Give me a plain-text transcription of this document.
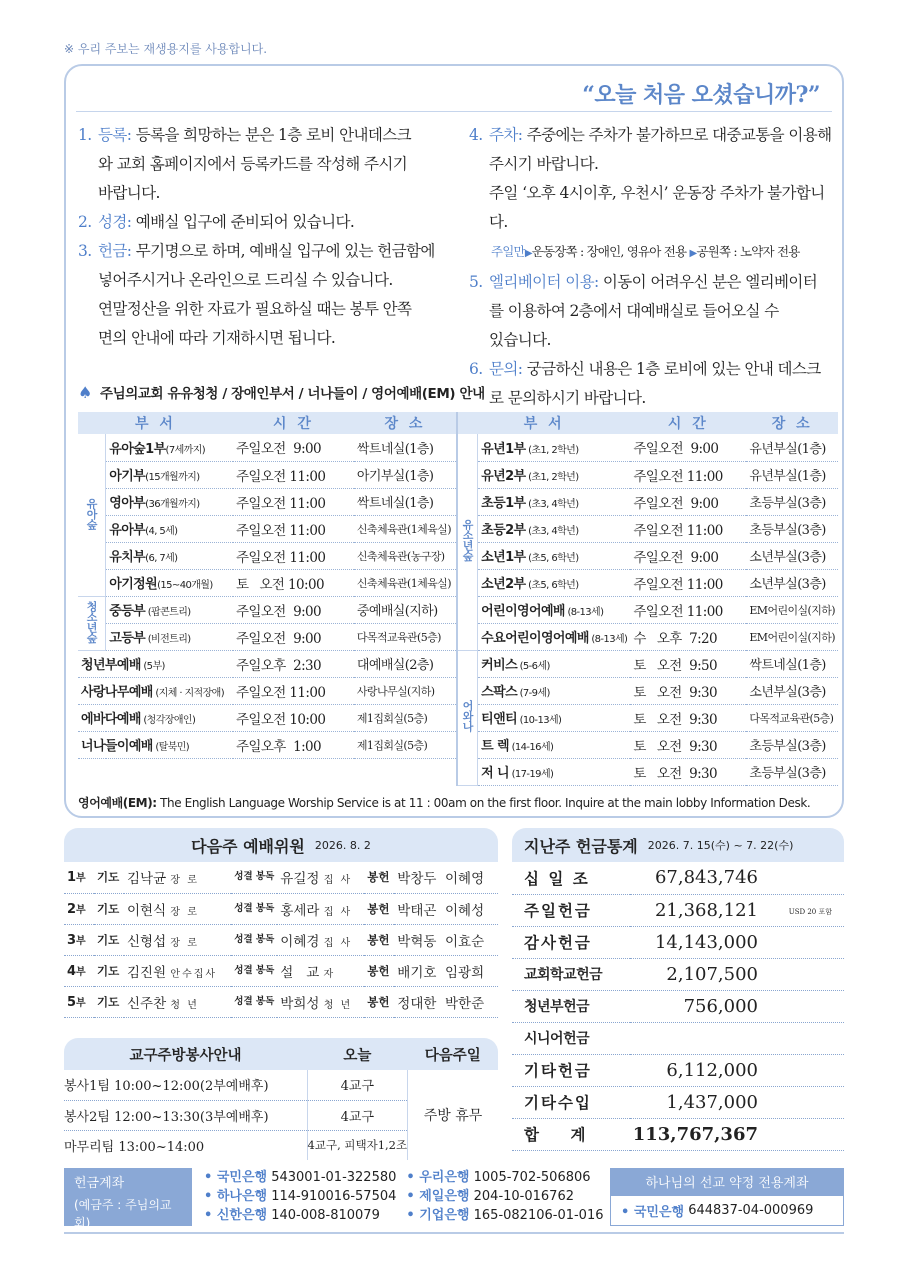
※ 우리 주보는 재생용지를 사용합니다.
“오늘 처음 오셨습니까?”
1. 등록: 등록을 희망하는 분은 1층 로비 안내데스크
와 교회 홈페이지에서 등록카드를 작성해 주시기
바랍니다.
2. 성경: 예배실 입구에 준비되어 있습니다.
3. 헌금: 무기명으로 하며, 예배실 입구에 있는 헌금함에
넣어주시거나 온라인으로 드리실 수 있습니다.
연말정산을 위한 자료가 필요하실 때는 봉투 안쪽
면의 안내에 따라 기재하시면 됩니다.
4. 주차: 주중에는 주차가 불가하므로 대중교통을 이용해
주시기 바랍니다.
주일 ‘오후 4시이후, 우천시’ 운동장 주차가 불가합니다.
주일만▶운동장쪽 : 장애인, 영유아 전용 ▶공원쪽 : 노약자 전용
5. 엘리베이터 이용: 이동이 어려우신 분은 엘리베이터
를 이용하여 2층에서 대예배실로 들어오실 수
있습니다.
6. 문의: 궁금하신 내용은 1층 로비에 있는 안내 데스크
로 문의하시기 바랍니다.
♠ 주님의교회 유유청청 / 장애인부서 / 너나들이 / 영어예배(EM) 안내
부 서		시 간	장 소
유아숲	유아숲1부(7세까지)	주일오전  9:00	싹트네실(1층)
	아기부(15개월까지)	주일오전 11:00	아기부실(1층)
	영아부(36개월까지)	주일오전 11:00	싹트네실(1층)
	유아부(4, 5세)	주일오전 11:00	신축체육관(1체육실)
	유치부(6, 7세)	주일오전 11:00	신축체육관(농구장)
	아기정원(15~40개월)	토   오전 10:00	신축체육관(1체육실)
청소년숲	중등부 (팝콘트리)	주일오전  9:00	중예배실(지하)
	고등부 (비전트리)	주일오전  9:00	다목적교육관(5층)
청년부예배 (5부)		주일오후  2:30	대예배실(2층)
사랑나무예배 (지체 · 지적장애)		주일오전 11:00	사랑나무실(지하)
에바다예배 (청각장애인)		주일오전 10:00	제1집회실(5층)
너나들이예배 (탈북민)		주일오후  1:00	제1집회실(5층)
부 서		시 간	장 소
유소년숲	유년1부 (초1, 2학년)	주일오전  9:00	유년부실(1층)
	유년2부 (초1, 2학년)	주일오전 11:00	유년부실(1층)
	초등1부 (초3, 4학년)	주일오전  9:00	초등부실(3층)
	초등2부 (초3, 4학년)	주일오전 11:00	초등부실(3층)
	소년1부 (초5, 6학년)	주일오전  9:00	소년부실(3층)
	소년2부 (초5, 6학년)	주일오전 11:00	소년부실(3층)
	어린이영어예배 (8-13세)	주일오전 11:00	EM어린이실(지하)
	수요어린이영어예배 (8-13세)	수   오후  7:20	EM어린이실(지하)
어와나	커비스 (5-6세)	토   오전  9:50	싹트네실(1층)
	스팍스 (7-9세)	토   오전  9:30	소년부실(3층)
	티앤티 (10-13세)	토   오전  9:30	다목적교육관(5층)
	트 렉 (14-16세)	토   오전  9:30	초등부실(3층)
	저 니 (17-19세)	토   오전  9:30	초등부실(3층)
영어예배(EM): The English Language Worship Service is at 11 : 00am on the first floor. Inquire at the main lobby Information Desk.
다음주 예배위원 2026. 8. 2
1부	기도	김낙균 장 로	성결 봉독	유길정 집 사	봉헌	박창두  이혜영
2부	기도	이현식 장 로	성결 봉독	홍세라 집 사	봉헌	박태곤  이혜성
3부	기도	신형섭 장 로	성결 봉독	이혜경 집 사	봉헌	박혁동  이효순
4부	기도	김진원 안수집사	성결 봉독	설   교 자	봉헌	배기호  임광희
5부	기도	신주찬 청 년	성결 봉독	박희성 청 년	봉헌	정대한  박한준
교구주방봉사안내	오늘	다음주일
봉사1팀 10:00~12:00(2부예배후)	4교구	주방 휴무
봉사2팀 12:00~13:30(3부예배후)	4교구	
마무리팀 13:00~14:00	4교구, 피택자1,2조	
지난주 헌금통계 2026. 7. 15(수) ~ 7. 22(수)
십 일 조	67,843,746
주일헌금	21,368,121 USD 20 포함

감사헌금	14,143,000
교회학교헌금	2,107,500
청년부헌금	756,000
시니어헌금	
기타헌금	6,112,000
기타수입	1,437,000
합    계	113,767,367
헌금계좌
(예금주 : 주님의교회)
• 국민은행 543001-01-322580 • 우리은행 1005-702-506806
• 하나은행 114-910016-57504 • 제일은행 204-10-016762
• 신한은행 140-008-810079	• 기업은행 165-082106-01-016
하나님의 선교 약정 전용계좌
• 국민은행
644837-04-000969
